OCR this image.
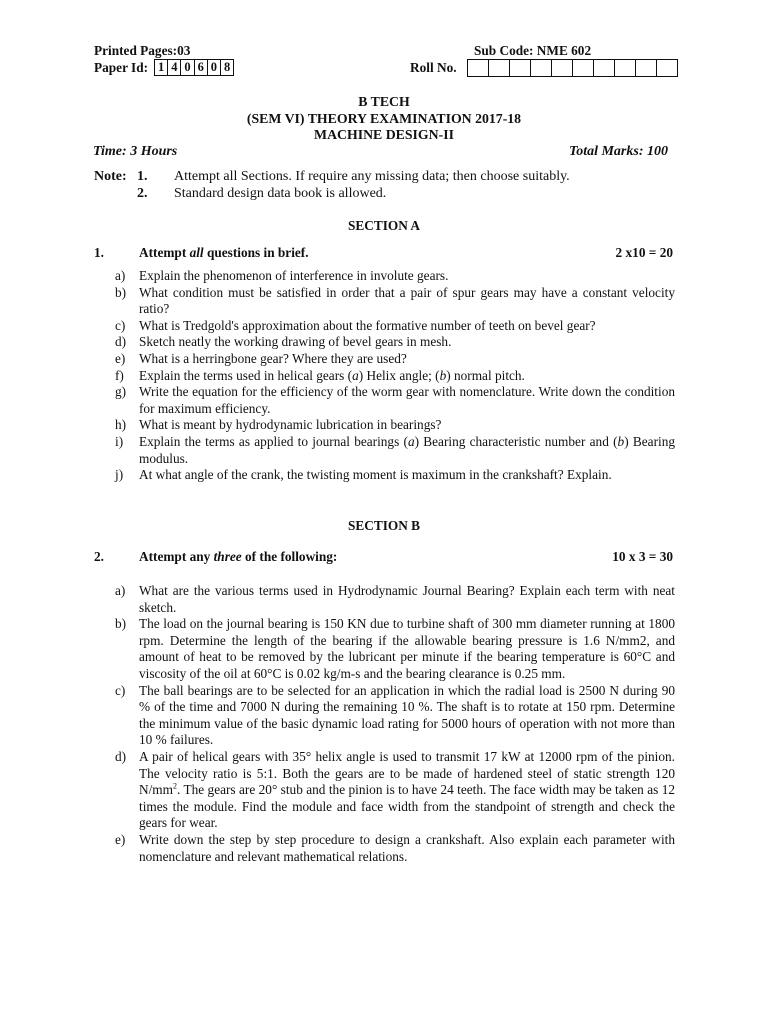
Printed Pages:03	Sub Code: NME 602
Paper Id: 1 4 0 6 0 8	Roll No.
B TECH
(SEM VI) THEORY EXAMINATION 2017-18
MACHINE DESIGN-II
Time: 3 Hours	Total Marks: 100
Note: 1. Attempt all Sections. If require any missing data; then choose suitably.
2. Standard design data book is allowed.
SECTION A
1.	Attempt all questions in brief.	2 x10 = 20
a)	Explain the phenomenon of interference in involute gears.
b) What condition must be satisfied in order that a pair of spur gears may have a constant velocity ratio?
c)	What is Tredgold's approximation about the formative number of teeth on bevel gear?
d) Sketch neatly the working drawing of bevel gears in mesh.
e)	What is a herringbone gear? Where they are used?
f)	Explain the terms used in helical gears (a) Helix angle; (b) normal pitch.
g) Write the equation for the efficiency of the worm gear with nomenclature. Write down the condition for maximum efficiency.
h) What is meant by hydrodynamic lubrication in bearings?
i)	Explain the terms as applied to journal bearings (a) Bearing characteristic number and (b) Bearing modulus.
j)	At what angle of the crank, the twisting moment is maximum in the crankshaft? Explain.
SECTION B
2.	Attempt any three of the following:	10 x 3 = 30
a)	What are the various terms used in Hydrodynamic Journal Bearing? Explain each term with neat sketch.
b) The load on the journal bearing is 150 KN due to turbine shaft of 300 mm diameter running at 1800 rpm. Determine the length of the bearing if the allowable bearing pressure is 1.6 N/mm2, and amount of heat to be removed by the lubricant per minute if the bearing temperature is 60°C and viscosity of the oil at 60°C is 0.02 kg/m-s and the bearing clearance is 0.25 mm.
c)	The ball bearings are to be selected for an application in which the radial load is 2500 N during 90 % of the time and 7000 N during the remaining 10 %. The shaft is to rotate at 150 rpm. Determine the minimum value of the basic dynamic load rating for 5000 hours of operation with not more than 10 % failures.
d) A pair of helical gears with 35° helix angle is used to transmit 17 kW at 12000 rpm of the pinion. The velocity ratio is 5:1. Both the gears are to be made of hardened steel of static strength 120 $N/mm^2$. The gears are 20° stub and the pinion is to have 24 teeth. The face width may be taken as 12 times the module. Find the module and face width from the standpoint of strength and check the gears for wear.
e)	Write down the step by step procedure to design a crankshaft. Also explain each parameter with nomenclature and relevant mathematical relations.
